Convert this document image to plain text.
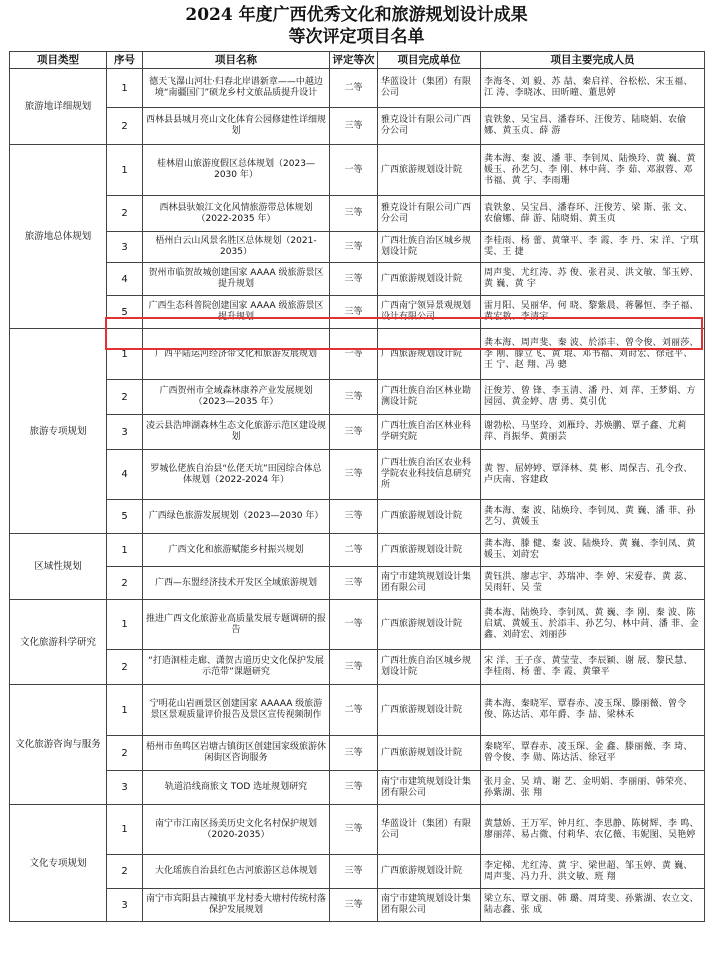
2024 年度广西优秀文化和旅游规划设计成果
等次评定项目名单
项目类型	序号	项目名称	评定等次	项目完成单位	项目主要完成人员
旅游地详细规划	1	德天飞瀑山河壮·归春北岸谱新章——中越边境“南疆国门”硕龙乡村文旅品质提升设计	二等	华蓝设计（集团）有限公司	李海冬、刘 毅、苏 喆、秦启祥、谷松松、宋玉福、江 涛、李晓冰、田昕曈、董思婷
	2	西林县县城月亮山文化体育公园修建性详细规划	三等	雅克设计有限公司广西分公司	袁铁象、吴宝昌、潘春环、汪俊芳、陆晓娟、农偷娜、黄玉贞、薛 游
旅游地总体规划	1	桂林眉山旅游度假区总体规划（2023—2030 年）	一等	广西旅游规划设计院	龚本海、秦 波、潘 菲、李钊凤、陆焕玲、黄 巍、黄媛玉、孙艺匀、李 刚、林中苘、李 茹、邓淑蓉、邓书福、黄 宇、李雨珊
	2	西林县驮娘江文化风情旅游带总体规划（2022-2035 年）	三等	雅克设计有限公司广西分公司	袁铁象、吴宝昌、潘春环、汪俊芳、梁 斯、张 文、农偷娜、薛 游、陆晓娟、黄玉贞
	3	梧州白云山风景名胜区总体规划（2021-2035）	三等	广西壮族自治区城乡规划设计院	李桂雨、杨 蕾、黄肇平、李 霞、李 丹、宋 洋、宁琪雯、王 捷
	4	贺州市临贺故城创建国家 AAAA 级旅游景区提升规划	三等	广西旅游规划设计院	周声斐、尤红涛、苏 俊、张君灵、洪文敏、邹玉婷、黄 巍、黄 宇
	5	广西生态科普院创建国家 AAAA 级旅游景区提升规划	三等	广西南宁领异景观规划设计有限公司	雷月阳、吴丽华、何 晓、黎紫晨、蒋馨恒、李子福、黄宏敖、李清宇
旅游专项规划	1	广西平陆运河经济带文化和旅游发展规划	一等	广西旅游规划设计院	龚本海、周声斐、秦 波、於添丰、曾令俊、刘丽莎、李 刚、滕立飞、黄 琨、邓书福、刘莳宏、徐冠平、王 宁、赵 翔、冯 骢
	2	广西贺州市全域森林康养产业发展规划（2023—2035 年）	三等	广西壮族自治区林业勘测设计院	汪俊芳、曾 锋、李玉清、潘 丹、刘 萍、王梦娟、方园园、黄金婷、唐 勇、莫引优
	3	凌云县浩坤湖森林生态文化旅游示范区建设规划	三等	广西壮族自治区林业科学研究院	谢勃松、马坚玲、刘雁玲、苏焕鹏、覃子鑫、尤莉萍、肖振华、黄丽芸
	4	罗城仫佬族自治县“仫佬天坑”田园综合体总体规划（2022-2024 年）	三等	广西壮族自治区农业科学院农业科技信息研究所	黄 智、屈婷婷、覃泽林、莫 彬、周保吉、孔令孜、卢庆南、容建政
	5	广西绿色旅游发展规划（2023—2030 年）	三等	广西旅游规划设计院	龚本海、秦 波、陆焕玲、李钊凤、黄 巍、潘 菲、孙艺匀、黄媛玉
区域性规划	1	广西文化和旅游赋能乡村振兴规划	二等	广西旅游规划设计院	龚本海、滕 健、秦 波、陆焕玲、黄 巍、李钊凤、黄媛玉、刘莳宏
	2	广西—东盟经济技术开发区全域旅游规划	三等	南宁市建筑规划设计集团有限公司	黄钰洪、廖志宇、苏瑞冲、李 婷、宋爱春、黄 蕊、吴雨轩、吴 莹
文化旅游科学研究	1	推进广西文化旅游业高质量发展专题调研的报告	一等	广西旅游规划设计院	龚本海、陆焕玲、李钊凤、黄 巍、李 刚、秦 波、陈启斌、黄媛玉、於添丰、孙艺匀、林中苘、潘 菲、金 鑫、刘莳宏、刘丽莎
	2	“打造洄桂走廊、潇贺古道历史文化保护发展示范带”课题研究	三等	广西壮族自治区城乡规划设计院	宋 洋、王子彦、黄莹莹、李辰颖、谢 展、黎民慧、李桂雨、杨 蕾、李 霞、黄肇平
文化旅游咨询与服务	1	宁明花山岩画景区创建国家 AAAAA 级旅游景区景观质量评价报告及景区宣传视频制作	二等	广西旅游规划设计院	龚本海、秦晓军、覃春赤、凌玉琛、滕丽薇、曾令俊、陈达活、邓年爵、李 喆、梁林禾
	2	梧州市鱼鸣区岩塘古镇街区创建国家级旅游休闲街区咨询服务	三等	广西旅游规划设计院	秦晓军、覃春赤、凌玉琛、金 鑫、滕丽薇、李 琦、曾令俊、李 勋、陈达活、徐冠平
	3	轨道沿线商旅文 TOD 选址规划研究	三等	南宁市建筑规划设计集团有限公司	张月金、吴 靖、谢 艺、金明娟、李丽丽、韩荣亮、孙紫湖、张 翔
文化专项规划	1	南宁市江南区扬美历史文化名村保护规划（2020-2035）	三等	华蓝设计（集团）有限公司	黄慧娇、王万军、钟月红、李思静、陈树辉、李 鸣、廖丽萍、易占微、付莉华、农亿薇、韦妮图、吴艳婷
	2	大化瑶族自治县红色古河旅游区总体规划	三等	广西旅游规划设计院	李定梯、尤红涛、黄 宇、梁世超、邹玉婷、黄 巍、周声斐、冯力升、洪文敏、班 翔
	3	南宁市宾阳县古辣镇平龙村委大塘村传统村落保护发展规划	三等	南宁市建筑规划设计集团有限公司	梁立东、覃文丽、韩 璐、周琦斐、孙紫湖、农立文、陆志鑫、张 成
